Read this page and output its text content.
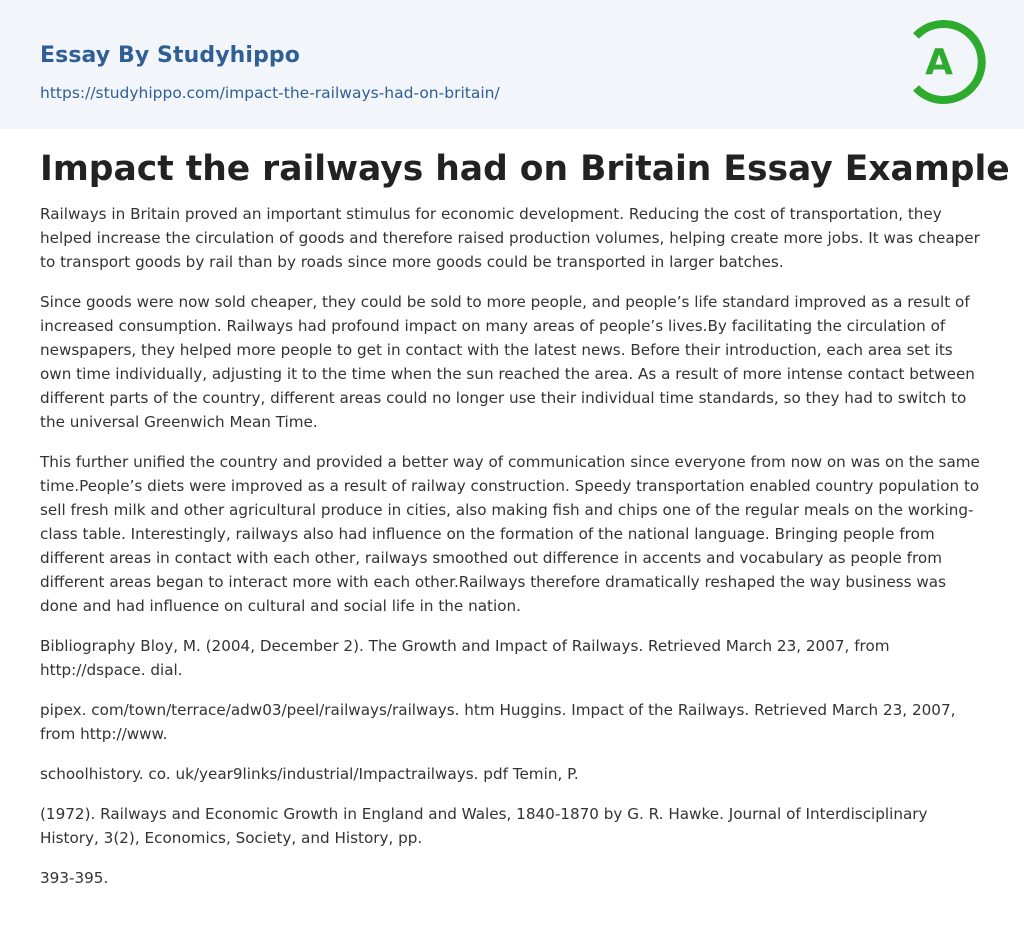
Essay By Studyhippo
https://studyhippo.com/impact-the-railways-had-on-britain/
A
Impact the railways had on Britain Essay Example

Railways in Britain proved an important stimulus for economic development. Reducing the cost of transportation, they helped increase the circulation of goods and therefore raised production volumes, helping create more jobs. It was cheaper to transport goods by rail than by roads since more goods could be transported in larger batches.

Since goods were now sold cheaper, they could be sold to more people, and people’s life standard improved as a result of increased consumption. Railways had profound impact on many areas of people’s lives.By facilitating the circulation of newspapers, they helped more people to get in contact with the latest news. Before their introduction, each area set its own time individually, adjusting it to the time when the sun reached the area. As a result of more intense contact between different parts of the country, different areas could no longer use their individual time standards, so they had to switch to the universal Greenwich Mean Time.

This further unified the country and provided a better way of communication since everyone from now on was on the same time.People’s diets were improved as a result of railway construction. Speedy transportation enabled country population to sell fresh milk and other agricultural produce in cities, also making fish and chips one of the regular meals on the working-class table. Interestingly, railways also had influence on the formation of the national language. Bringing people from different areas in contact with each other, railways smoothed out difference in accents and vocabulary as people from different areas began to interact more with each other.Railways therefore dramatically reshaped the way business was done and had influence on cultural and social life in the nation.

Bibliography Bloy, M. (2004, December 2). The Growth and Impact of Railways. Retrieved March 23, 2007, from http://dspace. dial.

pipex. com/town/terrace/adw03/peel/railways/railways. htm Huggins. Impact of the Railways. Retrieved March 23, 2007, from http://www.

schoolhistory. co. uk/year9links/industrial/Impactrailways. pdf Temin, P.

(1972). Railways and Economic Growth in England and Wales, 1840-1870 by G. R. Hawke. Journal of Interdisciplinary History, 3(2), Economics, Society, and History, pp.

393-395.
